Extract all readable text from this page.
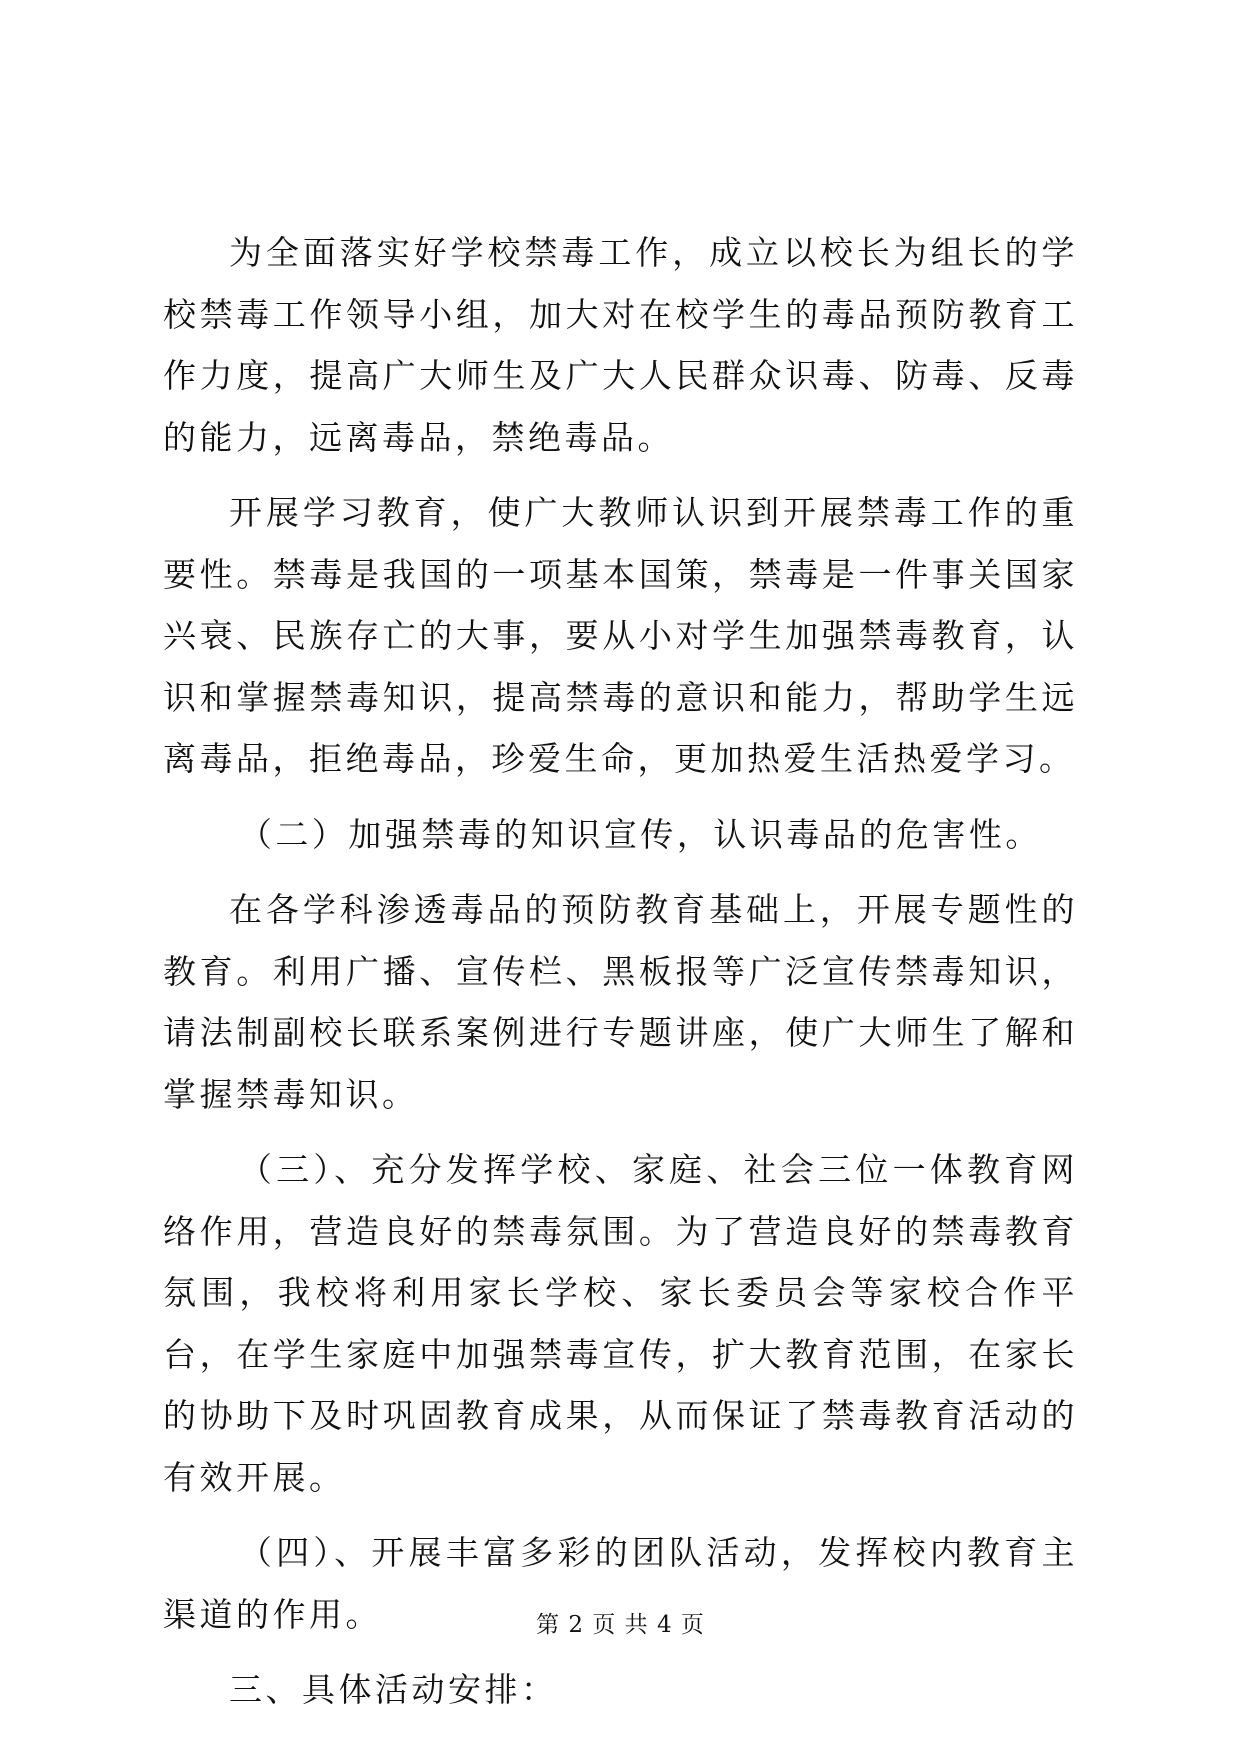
为全面落实好学校禁毒工作，成立以校长为组长的学校禁毒工作领导小组，加大对在校学生的毒品预防教育工作力度，提高广大师生及广大人民群众识毒、防毒、反毒的能力，远离毒品，禁绝毒品。

开展学习教育，使广大教师认识到开展禁毒工作的重要性。禁毒是我国的一项基本国策，禁毒是一件事关国家兴衰、民族存亡的大事，要从小对学生加强禁毒教育，认识和掌握禁毒知识，提高禁毒的意识和能力，帮助学生远离毒品，拒绝毒品，珍爱生命，更加热爱生活热爱学习。

（二）加强禁毒的知识宣传，认识毒品的危害性。

在各学科渗透毒品的预防教育基础上，开展专题性的教育。利用广播、宣传栏、黑板报等广泛宣传禁毒知识，请法制副校长联系案例进行专题讲座，使广大师生了解和掌握禁毒知识。

（三）、充分发挥学校、家庭、社会三位一体教育网络作用，营造良好的禁毒氛围。为了营造良好的禁毒教育氛围，我校将利用家长学校、家长委员会等家校合作平台，在学生家庭中加强禁毒宣传，扩大教育范围，在家长的协助下及时巩固教育成果，从而保证了禁毒教育活动的有效开展。

（四）、开展丰富多彩的团队活动，发挥校内教育主渠道的作用。

三、具体活动安排：

第 2 页 共 4 页
